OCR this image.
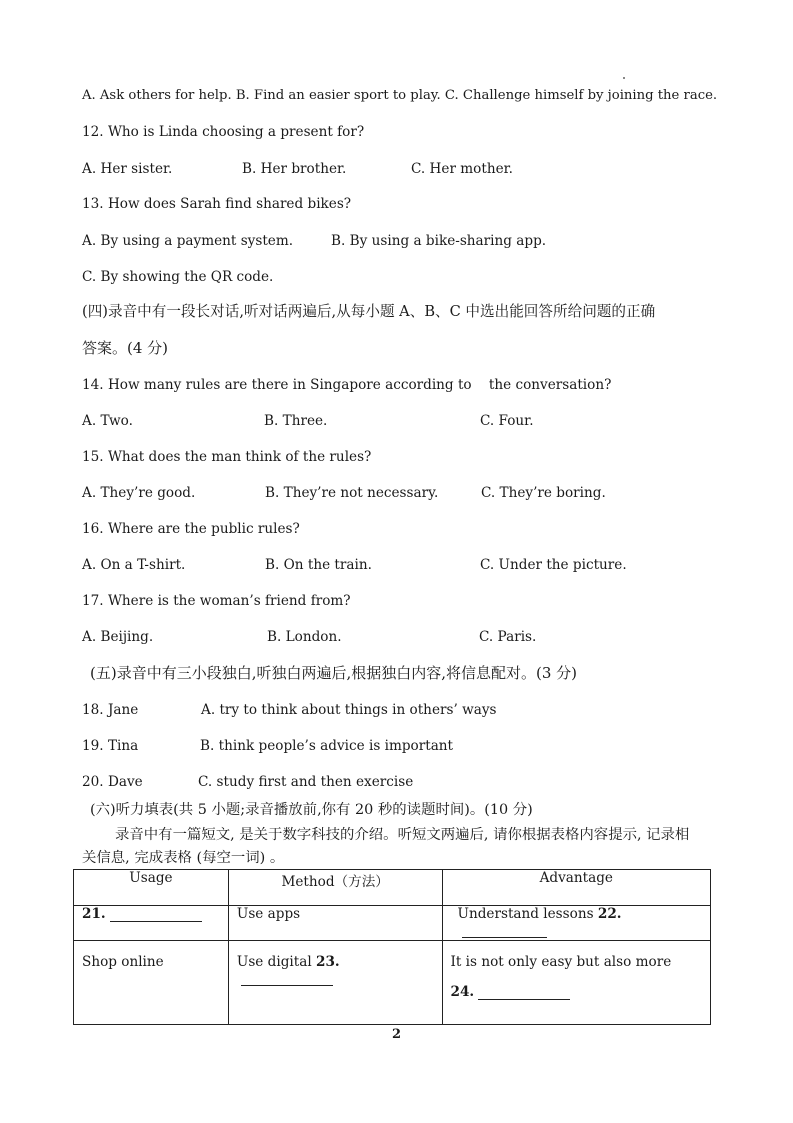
A. Ask others for help. B. Find an easier sport to play. C. Challenge himself by joining the race.
12. Who is Linda choosing a present for?
A. Her sister.	B. Her brother.	C. Her mother.
13. How does Sarah find shared bikes?
A. By using a payment system.	B. By using a bike-sharing app.
C. By showing the QR code.
(四)录音中有一段长对话,听对话两遍后,从每小题 A、B、C 中选出能回答所给问题的正确
答案。(4 分)
14. How many rules are there in Singapore according to    the conversation?
A. Two.	B. Three.	C. Four.
15. What does the man think of the rules?
A. They’re good.	B. They’re not necessary.	C. They’re boring.
16. Where are the public rules?
A. On a T-shirt.	B. On the train.	C. Under the picture.
17. Where is the woman’s friend from?
A. Beijing.	B. London.	C. Paris.
(五)录音中有三小段独白,听独白两遍后,根据独白内容,将信息配对。(3 分)
18. Jane	A. try to think about things in others’ ways
19. Tina	B. think people’s advice is important
20. Dave	C. study first and then exercise
(六)听力填表(共 5 小题;录音播放前,你有 20 秒的读题时间)。(10 分)
录音中有一篇短文, 是关于数字科技的介绍。听短文两遍后, 请你根据表格内容提示, 记录相
关信息, 完成表格 (每空一词) 。
Usage	Method（方法）	Advantage
21.	Use apps	Understand lessons 22.
Shop online	Use digital 23.	It is not only easy but also more
24.
2
